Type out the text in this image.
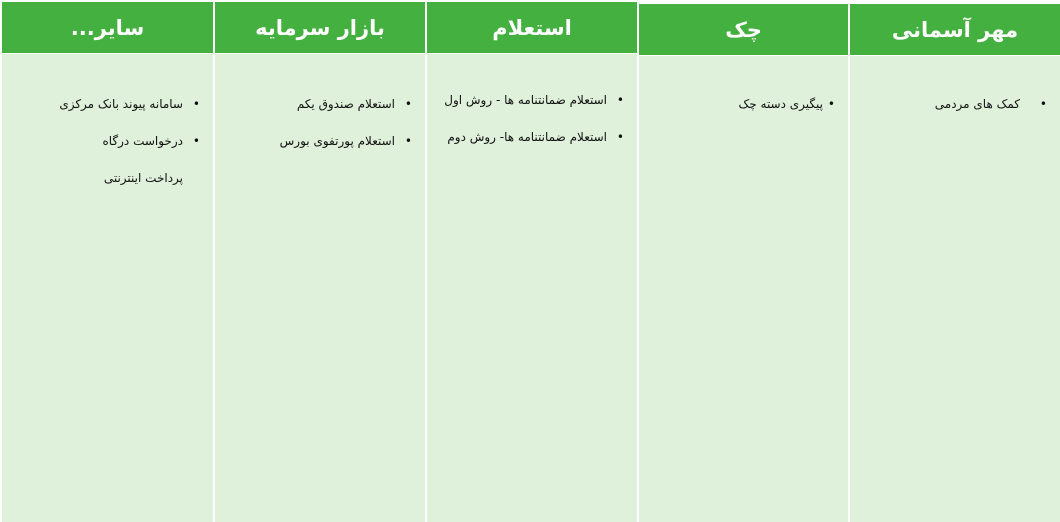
مهر آسمانی
• کمک های مردمی
چک
• پیگیری دسته چک
استعلام
• استعلام ضمانتنامه ها - روش اول
• استعلام ضمانتنامه ها- روش دوم
بازار سرمایه
• استعلام صندوق یکم
• استعلام پورتفوی بورس
سایر...
• سامانه پیوند بانک مرکزی
• درخواست درگاه پرداخت اینترنتی
